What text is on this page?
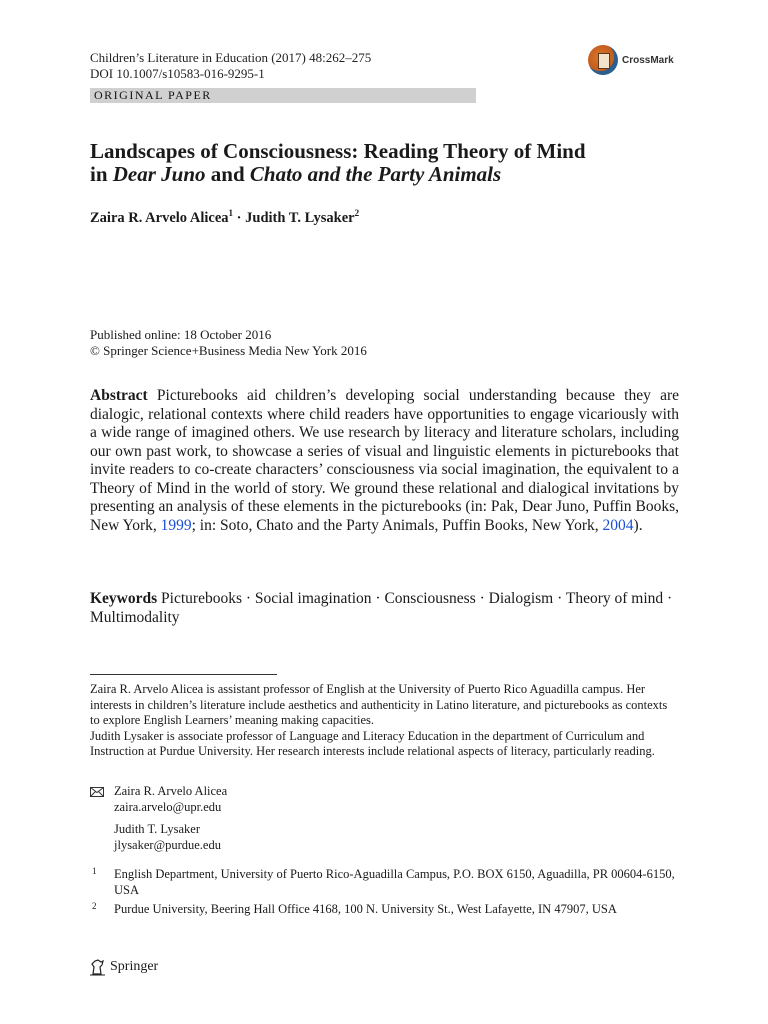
Children’s Literature in Education (2017) 48:262–275
DOI 10.1007/s10583-016-9295-1
CrossMark
ORIGINAL PAPER
Landscapes of Consciousness: Reading Theory of Mind
in Dear Juno and Chato and the Party Animals
Zaira R. Arvelo Alicea$^1$ · Judith T. Lysaker$^2$
Published online: 18 October 2016
© Springer Science+Business Media New York 2016
Abstract Picturebooks aid children’s developing social understanding because they are dialogic, relational contexts where child readers have opportunities to engage vicariously with a wide range of imagined others. We use research by literacy and literature scholars, including our own past work, to showcase a series of visual and linguistic elements in picturebooks that invite readers to co-create characters’ consciousness via social imagination, the equivalent to a Theory of Mind in the world of story. We ground these relational and dialogical invitations by presenting an analysis of these elements in the picturebooks (in: Pak, Dear Juno, Puffin Books, New York, 1999; in: Soto, Chato and the Party Animals, Puffin Books, New York, 2004).
Keywords Picturebooks · Social imagination · Consciousness · Dialogism · Theory of mind · Multimodality
Zaira R. Arvelo Alicea is assistant professor of English at the University of Puerto Rico Aguadilla campus. Her interests in children’s literature include aesthetics and authenticity in Latino literature, and picturebooks as contexts to explore English Learners’ meaning making capacities.
Judith Lysaker is associate professor of Language and Literacy Education in the department of Curriculum and Instruction at Purdue University. Her research interests include relational aspects of literacy, particularly reading.
Zaira R. Arvelo Alicea
zaira.arvelo@upr.edu
Judith T. Lysaker
jlysaker@purdue.edu
1 English Department, University of Puerto Rico-Aguadilla Campus, P.O. BOX 6150, Aguadilla, PR 00604-6150, USA
2 Purdue University, Beering Hall Office 4168, 100 N. University St., West Lafayette, IN 47907, USA
Springer
